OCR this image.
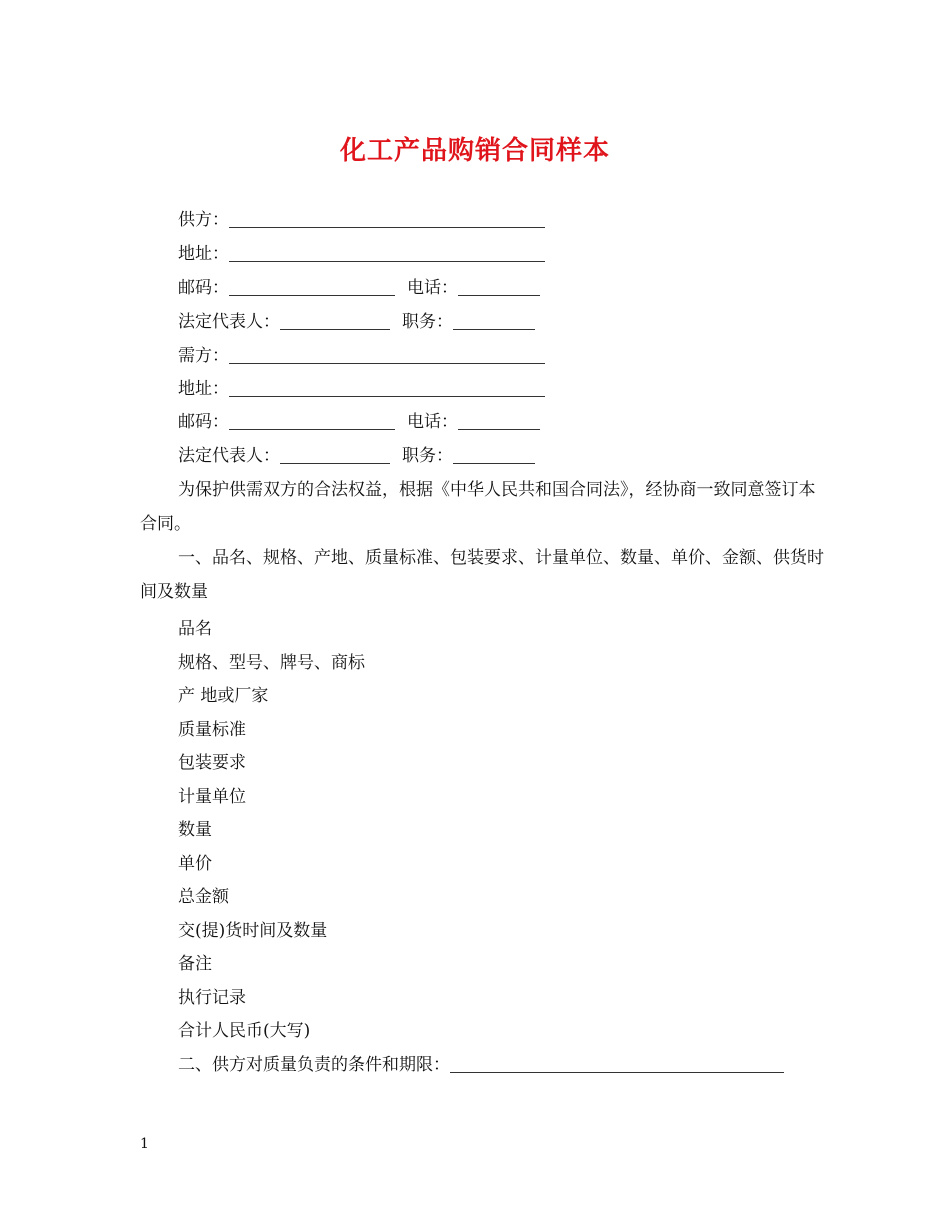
化工产品购销合同样本
供方：
地址：
邮码：	电话：
法定代表人：	职务：
需方：
地址：
邮码：	电话：
法定代表人：	职务：
为保护供需双方的合法权益，根据《中华人民共和国合同法》，经协商一致同意签订本合同。
一、品名、规格、产地、质量标准、包装要求、计量单位、数量、单价、金额、供货时间及数量
品名
规格、型号、牌号、商标
产 地或厂家
质量标准
包装要求
计量单位
数量
单价
总金额
交(提)货时间及数量
备注
执行记录
合计人民币(大写)
二、供方对质量负责的条件和期限：
1
